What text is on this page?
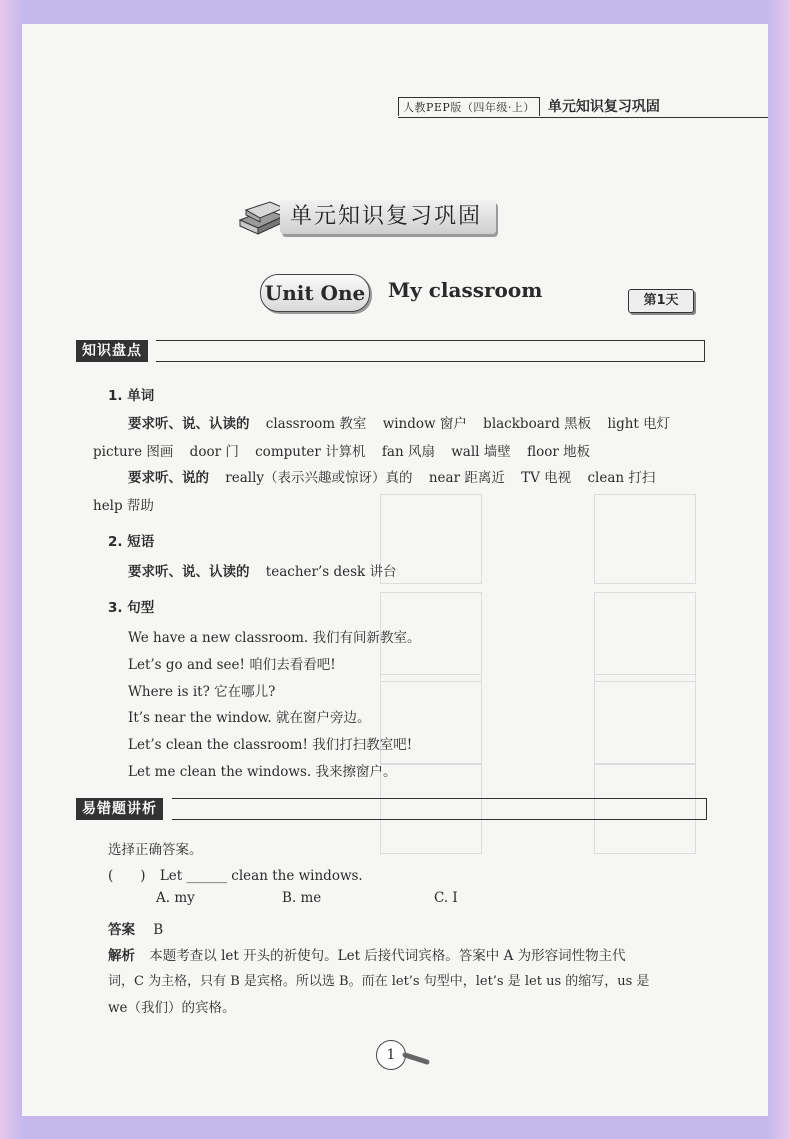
人教PEP版（四年级·上） 单元知识复习巩固
单元知识复习巩固
Unit One My classroom	第1天
知识盘点
1. 单词
要求听、说、认读的 classroom 教室 window 窗户 blackboard 黑板 light 电灯
picture 图画 door 门 computer 计算机 fan 风扇 wall 墙壁 floor 地板
要求听、说的 really（表示兴趣或惊讶）真的 near 距离近 TV 电视 clean 打扫
help 帮助
2. 短语
要求听、说、认读的 teacher’s desk 讲台
3. 句型
We have a new classroom. 我们有间新教室。
Let’s go and see! 咱们去看看吧!
Where is it? 它在哪儿?
It’s near the window. 就在窗户旁边。
Let’s clean the classroom! 我们打扫教室吧!
Let me clean the windows. 我来擦窗户。
易错题讲析
选择正确答案。
(　　) Let ______ clean the windows.
A. my	B. me	C. I
答案 B
解析 本题考查以 let 开头的祈使句。Let 后接代词宾格。答案中 A 为形容词性物主代
词，C 为主格，只有 B 是宾格。所以选 B。而在 let’s 句型中，let’s 是 let us 的缩写，us 是
we（我们）的宾格。
1
